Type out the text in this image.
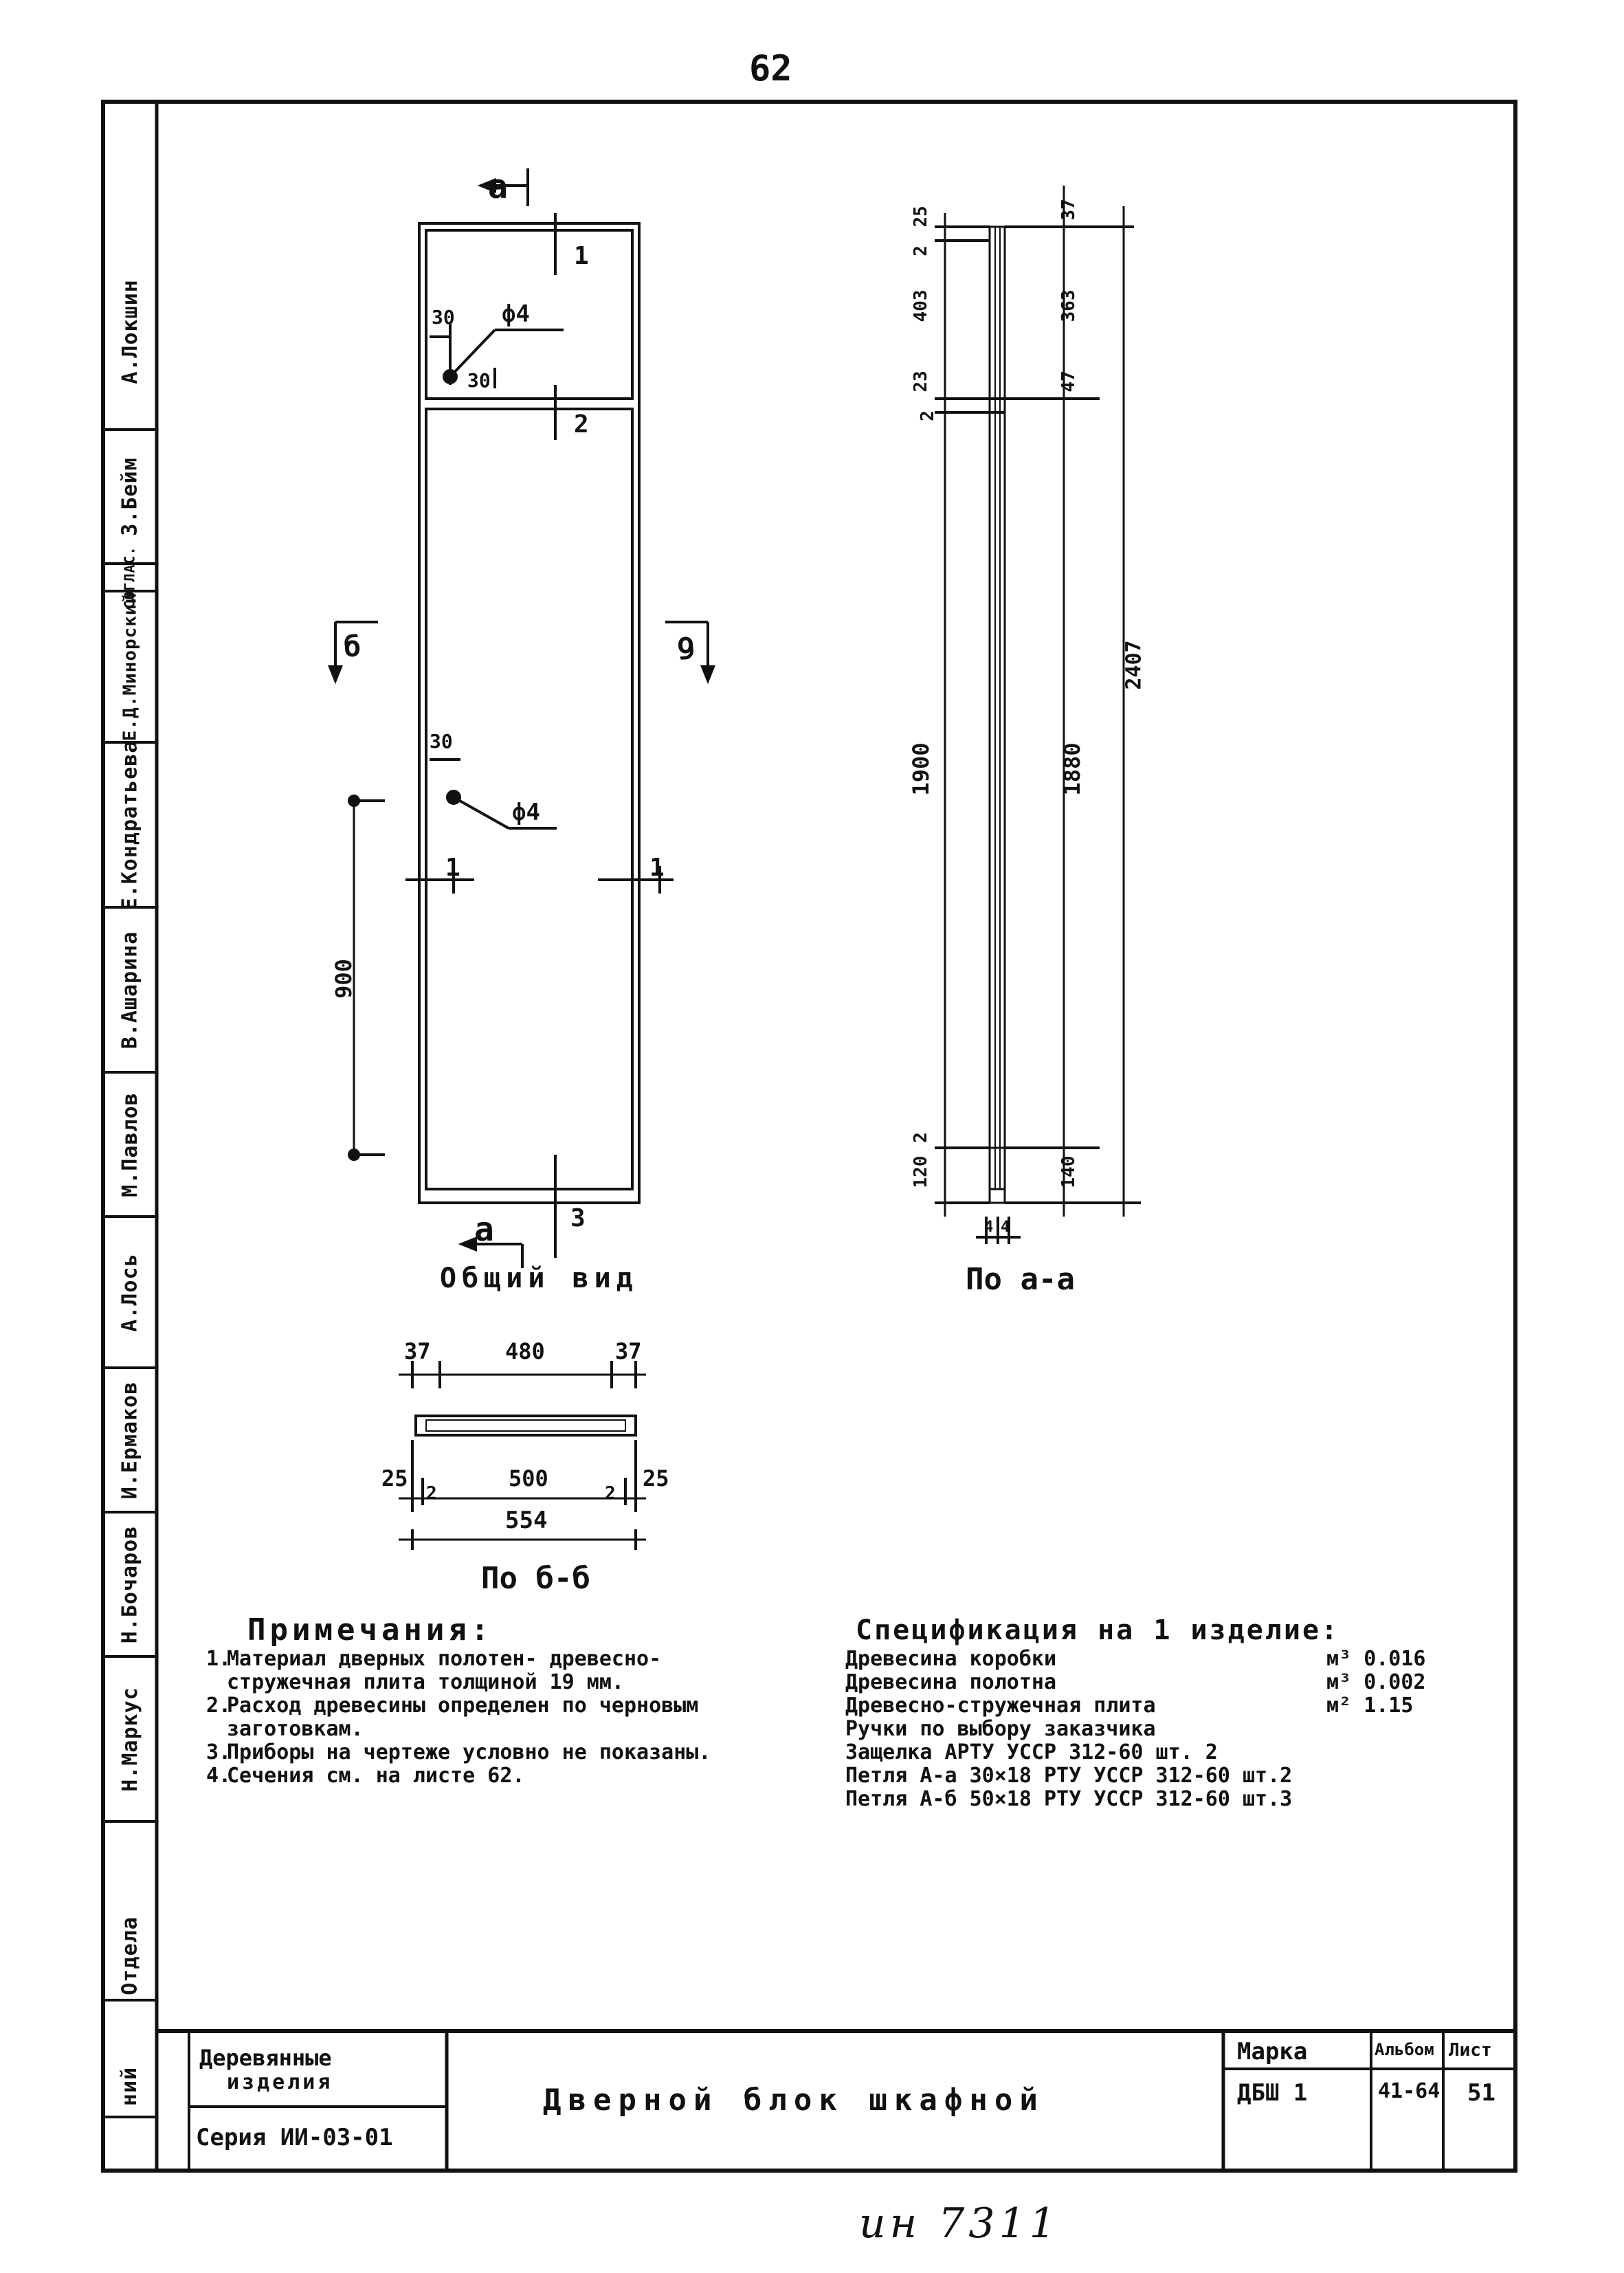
62
А.Локшин
З.Бейм
СОГЛАС.
Е.Д.Минорский
Е.Кондратьева
В.Ашарина
М.Павлов
А.Лось
И.Ермаков
Н.Бочаров
Н.Маркус
Отдела
ний
a
a
б	б
1
2
3
1	1
ф4
ф4
30
30
30
900
Общий вид
25
2
403
23
2
1900
120
2
37
363
47
2407
1880
140
4 4
По а-а
37	480	37
25	500	25
2	2
554
По б-б
Примечания:
1.
Материал дверных полотен- древесно-стружечная плита толщиной 19 мм.
2.
Расход древесины определен по черновым заготовкам.
3.
Приборы на чертеже условно не показаны.
4.
Сечения см. на листе 62.
Спецификация на 1 изделие:
Древесина коробки	м³ 0.016
Древесина полотна	м³ 0.002
Древесно-стружечная плита	м² 1.15
Ручки по выбору заказчика
Защелка АРТУ УССР 312-60 шт. 2
Петля А-а 30×18 РТУ УССР 312-60 шт.2
Петля А-б 50×18 РТУ УССР 312-60 шт.3
Деревянные
изделия
Серия ИИ-03-01
Дверной блок шкафной
Марка
ДБШ 1
Альбом
41-64
Лист
51
ин 7311
